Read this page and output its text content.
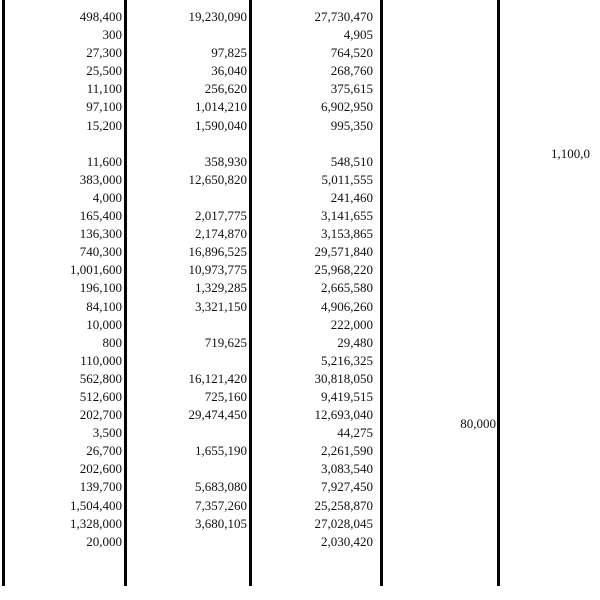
498,400
300
27,300
25,500
11,100
97,100
15,200
11,600
383,000
4,000
165,400
136,300
740,300
1,001,600
196,100
84,100
10,000
800
110,000
562,800
512,600
202,700
3,500
26,700
202,600
139,700
1,504,400
1,328,000
20,000
19,230,090
97,825
36,040
256,620
1,014,210
1,590,040
358,930
12,650,820
2,017,775
2,174,870
16,896,525
10,973,775
1,329,285
3,321,150
719,625
16,121,420
725,160
29,474,450
1,655,190
5,683,080
7,357,260
3,680,105
27,730,470
4,905
764,520
268,760
375,615
6,902,950
995,350
548,510
5,011,555
241,460
3,141,655
3,153,865
29,571,840
25,968,220
2,665,580
4,906,260
222,000
29,480
5,216,325
30,818,050
9,419,515
12,693,040
44,275
2,261,590
3,083,540
7,927,450
25,258,870
27,028,045
2,030,420
80,000
1,100,0
